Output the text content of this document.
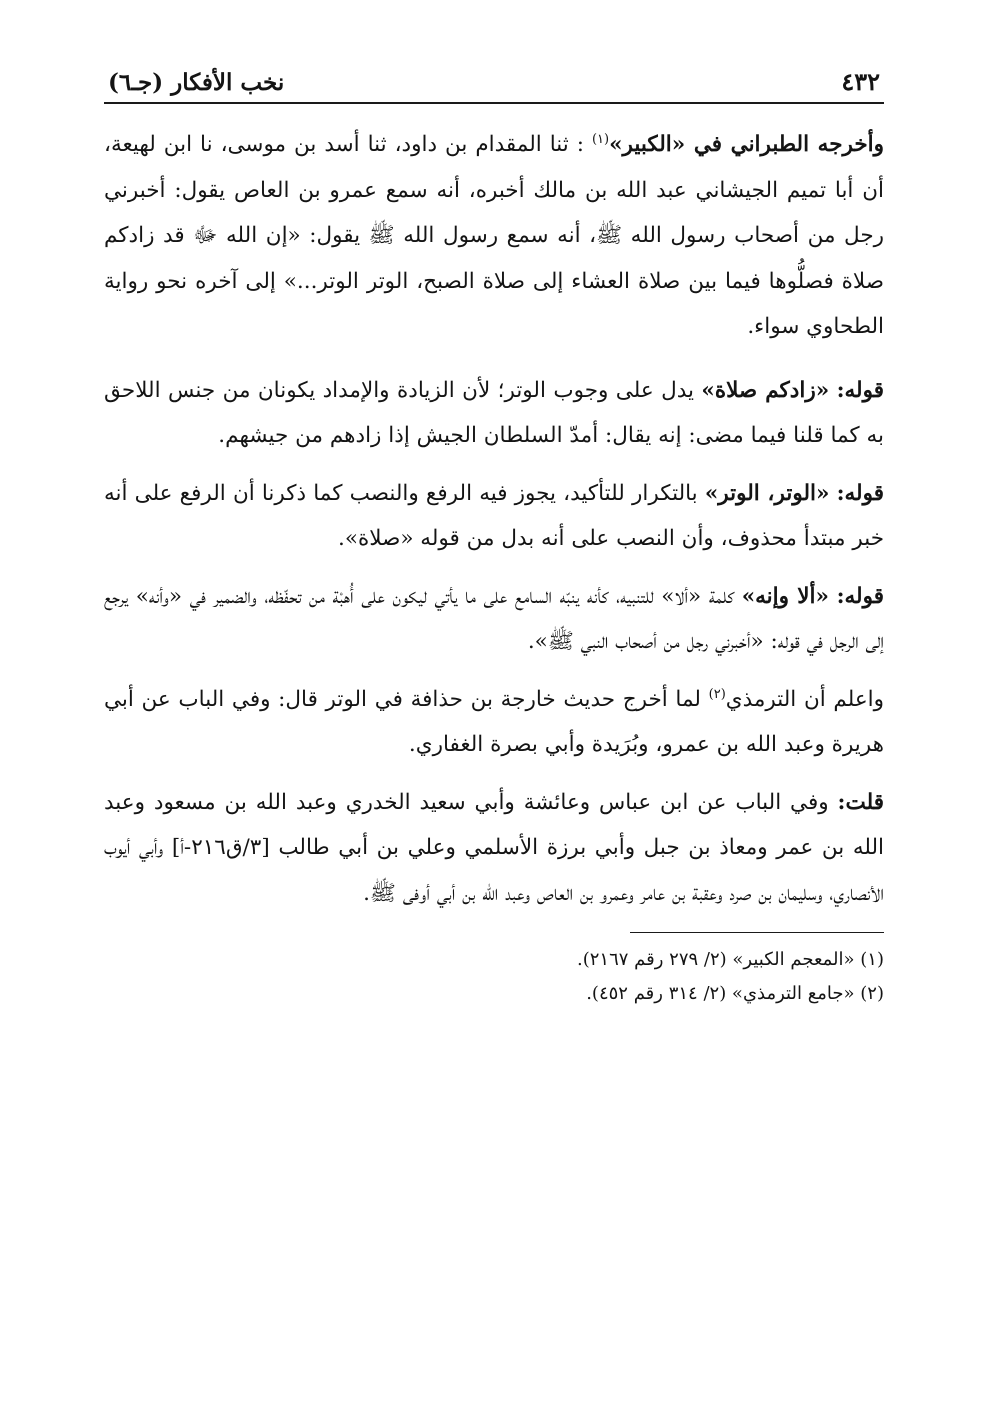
٤٣٢
نخب الأفكار (جـ٦)

وأخرجه الطبراني في «الكبير»$^{(١)}$ : ثنا المقدام بن داود، ثنا أسد بن موسى، نا ابن لهيعة، أن أبا تميم الجيشاني عبد الله بن مالك أخبره، أنه سمع عمرو بن العاص يقول: أخبرني رجل من أصحاب رسول الله ﷺ، أنه سمع رسول الله ﷺ يقول: «إن الله ﷻ قد زادكم صلاة فصلُّوها فيما بين صلاة العشاء إلى صلاة الصبح، الوتر الوتر...» إلى آخره نحو رواية الطحاوي سواء.

قوله: «زادكم صلاة» يدل على وجوب الوتر؛ لأن الزيادة والإمداد يكونان من جنس اللاحق به كما قلنا فيما مضى: إنه يقال: أمدّ السلطان الجيش إذا زادهم من جيشهم.

قوله: «الوتر، الوتر» بالتكرار للتأكيد، يجوز فيه الرفع والنصب كما ذكرنا أن الرفع على أنه خبر مبتدأ محذوف، وأن النصب على أنه بدل من قوله «صلاة».

قوله: «ألا وإنه» كلمة «ألا» للتنبيه، كأنه ينبّه السامع على ما يأتي ليكون على أُهبْة من تحفّظه، والضمير في «وأنه» يرجع إلى الرجل في قوله: «أخبرني رجل من أصحاب النبي ﷺ».

واعلم أن الترمذي$^{(٢)}$ لما أخرج حديث خارجة بن حذافة في الوتر قال: وفي الباب عن أبي هريرة وعبد الله بن عمرو، وبُرَيدة وأبي بصرة الغفاري.

قلت: وفي الباب عن ابن عباس وعائشة وأبي سعيد الخدري وعبد الله بن مسعود وعبد الله بن عمر ومعاذ بن جبل وأبي برزة الأسلمي وعلي بن أبي طالب [٣/ق٢١٦-أ] وأبي أيوب الأنصاري، وسليمان بن صرد وعقبة بن عامر وعمرو بن العاص وعبد الله بن أبي أوفى ﷺ.

(١) «المعجم الكبير» (٢/ ٢٧٩ رقم ٢١٦٧).

(٢) «جامع الترمذي» (٢/ ٣١٤ رقم ٤٥٢).
